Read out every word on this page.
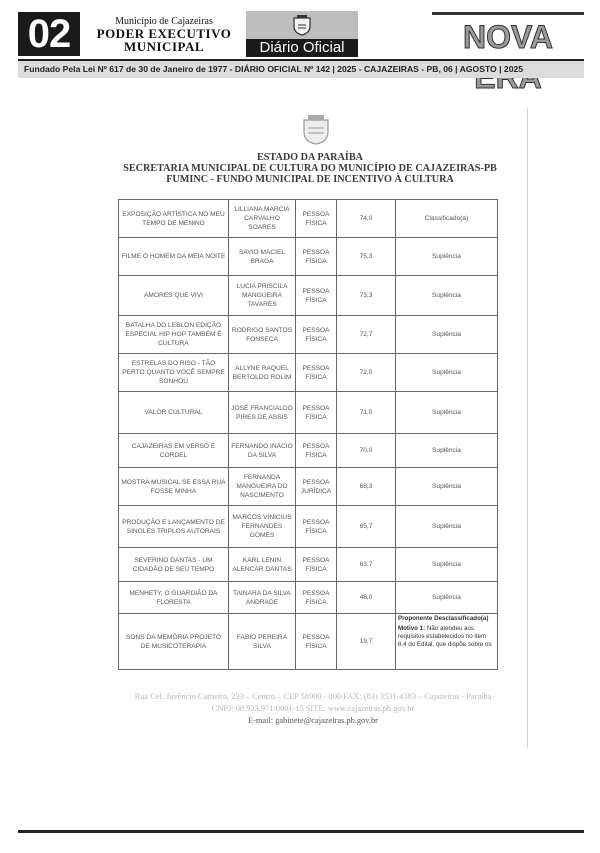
02	Município de Cajazeiras
PODER EXECUTIVO
MUNICIPAL	Diário Oficial	NOVA
Fundado Pela Lei Nº 617 de 30 de Janeiro de 1977 - DIÁRIO OFICIAL Nº 142 | 2025 - CAJAZEIRAS - PB, 06 | AGOSTO | 2025
ESTADO DA PARAÍBA
SECRETARIA MUNICIPAL DE CULTURA DO MUNICÍPIO DE CAJAZEIRAS-PB
FUMINC - FUNDO MUNICIPAL DE INCENTIVO À CULTURA
EXPOSIÇÃO ARTÍSTICA NO MEU TEMPO DE MENINO	LILLIANA MARCIA CARVALHO SOARES	PESSOA FÍSICA	74,0	Classificado(a)
FILME O HOMEM DA MEIA NOITE	SAVIO MACIEL BRAGA	PESSOA FÍSICA	75,3	Suplência
AMORES QUE VIVI	LUCIA PRISCILA MANGUEIRA TAVARES	PESSOA FÍSICA	73,3	Suplência
BATALHA DO LEBLON EDIÇÃO ESPECIAL HIP HOP TAMBÉM É CULTURA	RODRIGO SANTOS FONSECA	PESSOA FÍSICA	72,7	Suplência
ESTRELAS DO RISO - TÃO PERTO QUANTO VOCÊ SEMPRE SONHOU	ALLYNE RAQUEL BERTOLDO ROLIM	PESSOA FÍSICA	72,0	Suplência
VALOR CULTURAL	JOSÉ FRANCIALDO PIRES DE ASSIS	PESSOA FÍSICA	71,0	Suplência
CAJAZEIRAS EM VERSO E CORDEL	FERNANDO INÁCIO DA SILVA	PESSOA FÍSICA	70,0	Suplência
MOSTRA MUSICAL SE ESSA RUA FOSSE MINHA	FERNANDA MANGUEIRA DO NASCIMENTO	PESSOA JURÍDICA	68,3	Suplência
PRODUÇÃO E LANÇAMENTO DE SINGLES TRIPLOS AUTORAIS	MARCOS VINICIUS FERNANDES GOMES	PESSOA FÍSICA	65,7	Suplência
SEVERINO DANTAS - UM CIDADÃO DE SEU TEMPO	KARL LENIN ALENCAR DANTAS	PESSOA FÍSICA	63,7	Suplência
MENHETY, O GUARDIÃO DA FLORESTA	TAINARA DA SILVA ANDRADE	PESSOA FÍSICA	48,0	Suplência
SONS DA MEMÓRIA PROJETO DE MUSICOTERAPIA	FABIO PEREIRA SILVA	PESSOA FÍSICA	19,7	Proponente Desclassificado(a)
Motivo 1: Não atendeu aos requisitos estabelecidos no item 8.4 do Edital, que dispõe sobre os
Rua Cel. Juvêncio Carneiro, 233 – Centro – CEP 58900 - 000 FAX: (83) 3531-4383 – Cajazeiras - Paraíba
CNPJ: 08.923.971/0001-15 SITE: www.cajazeiras.pb.gov.br
E-mail: gabinete@cajazeiras.pb.gov.br
